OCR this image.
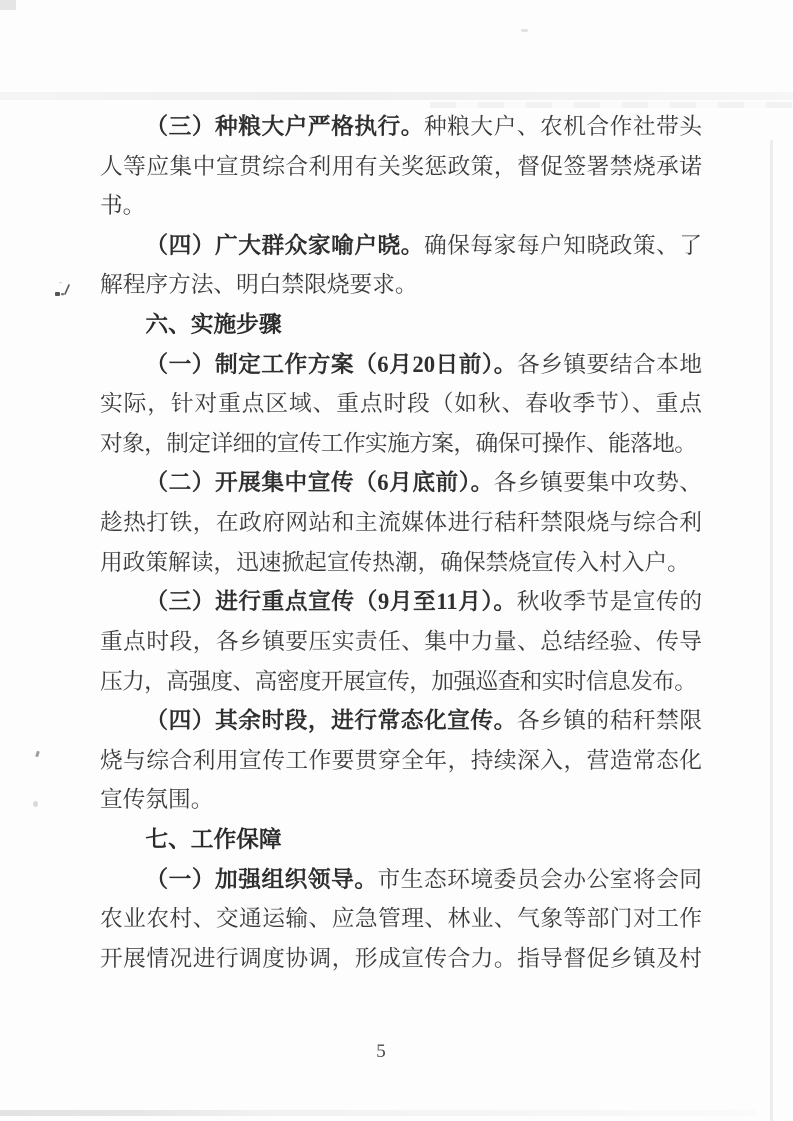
（三）种粮大户严格执行。种粮大户、农机合作社带头
人等应集中宣贯综合利用有关奖惩政策，督促签署禁烧承诺
书。
（四）广大群众家喻户晓。确保每家每户知晓政策、了
解程序方法、明白禁限烧要求。
六、实施步骤
（一）制定工作方案（6月20日前）。各乡镇要结合本地
实际，针对重点区域、重点时段（如秋、春收季节）、重点
对象，制定详细的宣传工作实施方案，确保可操作、能落地。
（二）开展集中宣传（6月底前）。各乡镇要集中攻势、
趁热打铁，在政府网站和主流媒体进行秸秆禁限烧与综合利
用政策解读，迅速掀起宣传热潮，确保禁烧宣传入村入户。
（三）进行重点宣传（9月至11月）。秋收季节是宣传的
重点时段，各乡镇要压实责任、集中力量、总结经验、传导
压力，高强度、高密度开展宣传，加强巡查和实时信息发布。
（四）其余时段，进行常态化宣传。各乡镇的秸秆禁限
烧与综合利用宣传工作要贯穿全年，持续深入，营造常态化
宣传氛围。
七、工作保障
（一）加强组织领导。市生态环境委员会办公室将会同
农业农村、交通运输、应急管理、林业、气象等部门对工作
开展情况进行调度协调，形成宣传合力。指导督促乡镇及村
5
